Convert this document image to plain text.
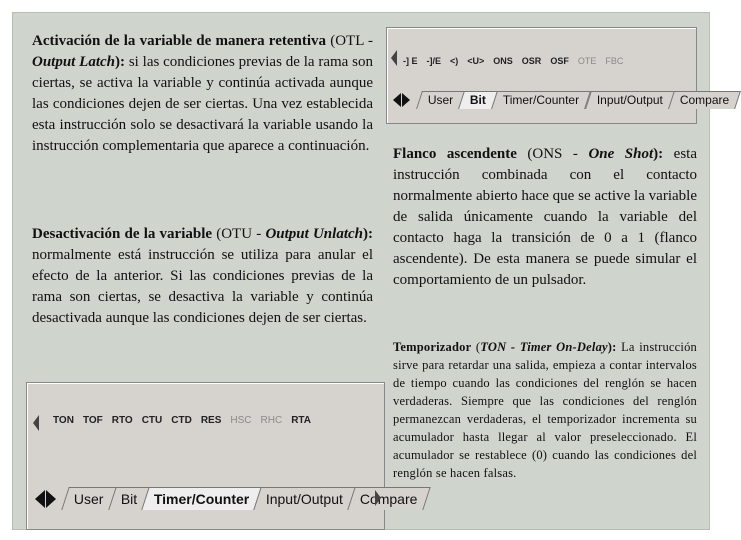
Activación de la variable de manera retentiva (OTL - Output Latch): si las condiciones previas de la rama son ciertas, se activa la variable y continúa activada aunque las condiciones dejen de ser ciertas. Una vez establecida esta instrucción solo se desactivará la variable usando la instrucción complementaria que aparece a continuación.

Desactivación de la variable (OTU - Output Unlatch): normalmente está instrucción se utiliza para anular el efecto de la anterior. Si las condiciones previas de la rama son ciertas, se desactiva la variable y continúa desactivada aunque las condiciones dejen de ser ciertas.

-] E -]/E <) <U> ONS OSR OSF OTE FBC
User	Bit	Timer/Counter	Input/Output	Compare

Flanco ascendente (ONS - One Shot): esta instrucción combinada con el contacto normalmente abierto hace que se active la variable de salida únicamente cuando la variable del contacto haga la transición de 0 a 1 (flanco ascendente). De esta manera se puede simular el comportamiento de un pulsador.

Temporizador (TON - Timer On-Delay): La instrucción sirve para retardar una salida, empieza a contar intervalos de tiempo cuando las condiciones del renglón se hacen verdaderas. Siempre que las condiciones del renglón permanezcan verdaderas, el temporizador incrementa su acumulador hasta llegar al valor preseleccionado. El acumulador se restablece (0) cuando las condiciones del renglón se hacen falsas.

TON TOF RTO CTU CTD RES HSC RHC RTA
User	Bit	Timer/Counter	Input/Output	Compare
